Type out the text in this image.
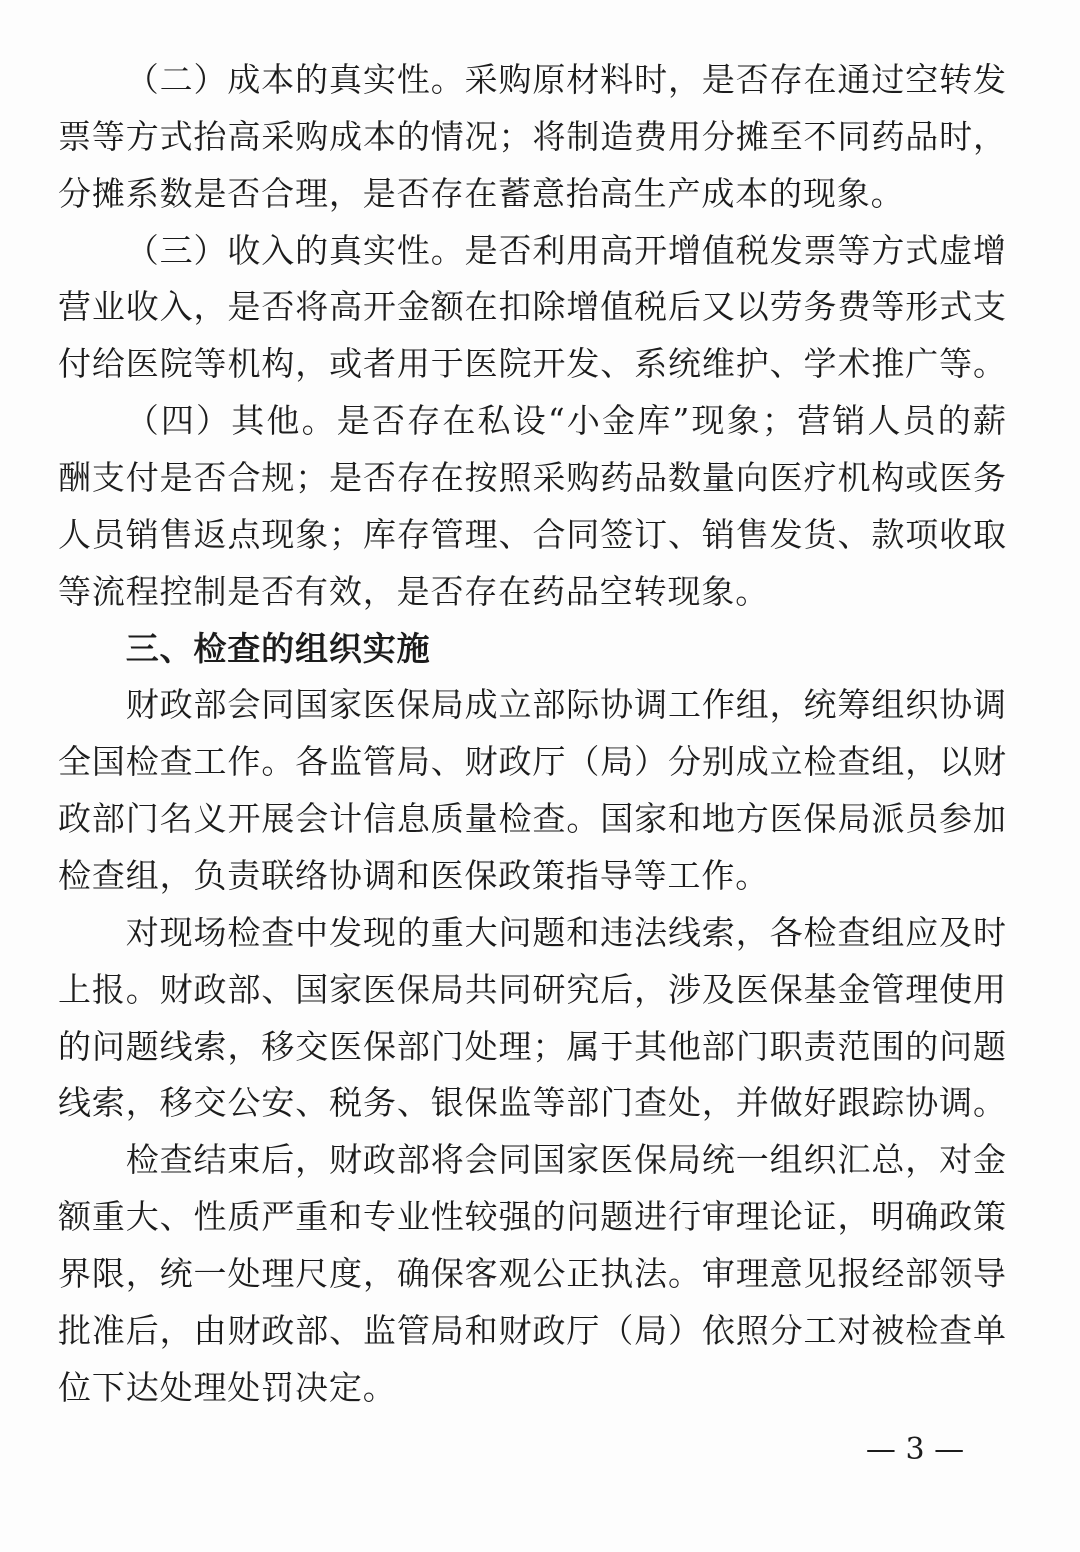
（二）成本的真实性。采购原材料时，是否存在通过空转发
票等方式抬高采购成本的情况；将制造费用分摊至不同药品时，
分摊系数是否合理，是否存在蓄意抬高生产成本的现象。
（三）收入的真实性。是否利用高开增值税发票等方式虚增
营业收入，是否将高开金额在扣除增值税后又以劳务费等形式支
付给医院等机构，或者用于医院开发、系统维护、学术推广等。
（四）其他。是否存在私设“小金库”现象；营销人员的薪
酬支付是否合规；是否存在按照采购药品数量向医疗机构或医务
人员销售返点现象；库存管理、合同签订、销售发货、款项收取
等流程控制是否有效，是否存在药品空转现象。
三、检查的组织实施
财政部会同国家医保局成立部际协调工作组，统筹组织协调
全国检查工作。各监管局、财政厅（局）分别成立检查组，以财
政部门名义开展会计信息质量检查。国家和地方医保局派员参加
检查组，负责联络协调和医保政策指导等工作。
对现场检查中发现的重大问题和违法线索，各检查组应及时
上报。财政部、国家医保局共同研究后，涉及医保基金管理使用
的问题线索，移交医保部门处理；属于其他部门职责范围的问题
线索，移交公安、税务、银保监等部门查处，并做好跟踪协调。
检查结束后，财政部将会同国家医保局统一组织汇总，对金
额重大、性质严重和专业性较强的问题进行审理论证，明确政策
界限，统一处理尺度，确保客观公正执法。审理意见报经部领导
批准后，由财政部、监管局和财政厅（局）依照分工对被检查单
位下达处理处罚决定。
— 3 —
